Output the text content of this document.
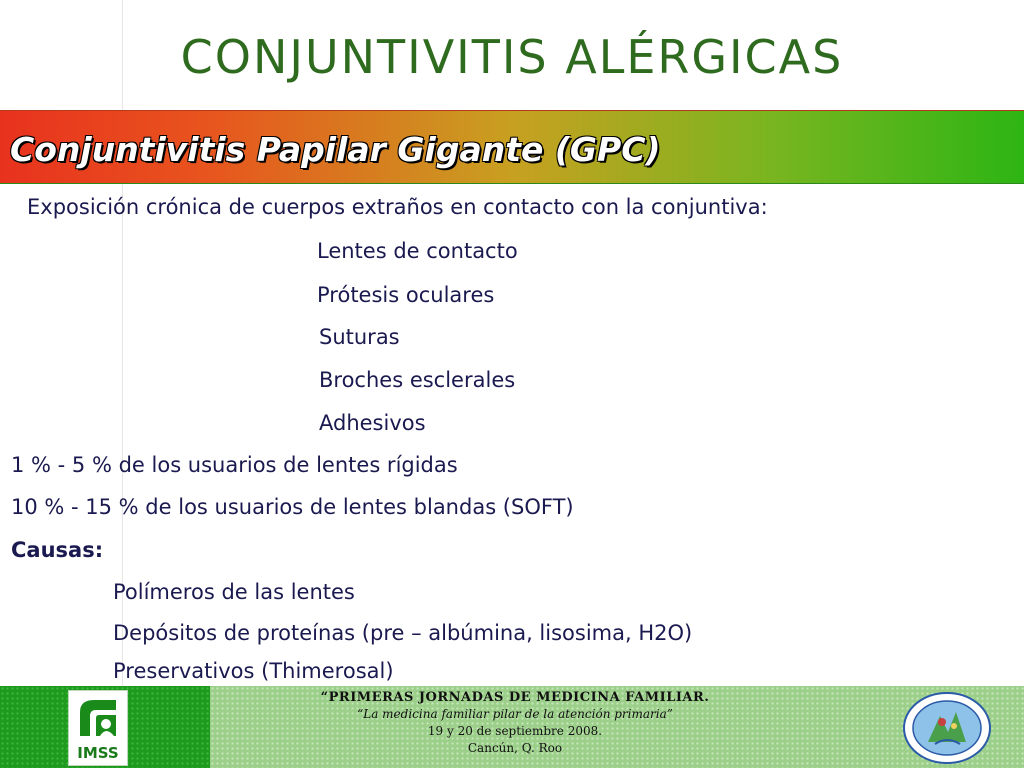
CONJUNTIVITIS ALÉRGICAS
Conjuntivitis Papilar Gigante (GPC)
Exposición crónica de cuerpos extraños en contacto con la conjuntiva:
Lentes de contacto
Prótesis oculares
Suturas
Broches esclerales
Adhesivos
1 % - 5 % de los usuarios de lentes rígidas
10 % - 15 % de los usuarios de lentes blandas (SOFT)
Causas:
Polímeros de las lentes
Depósitos de proteínas (pre – albúmina, lisosima, H2O)
Preservativos (Thimerosal)
IMSS
“PRIMERAS JORNADAS DE MEDICINA FAMILIAR.
“La medicina familiar pilar de la atención primaria”
19 y 20 de septiembre 2008.
Cancún, Q. Roo
